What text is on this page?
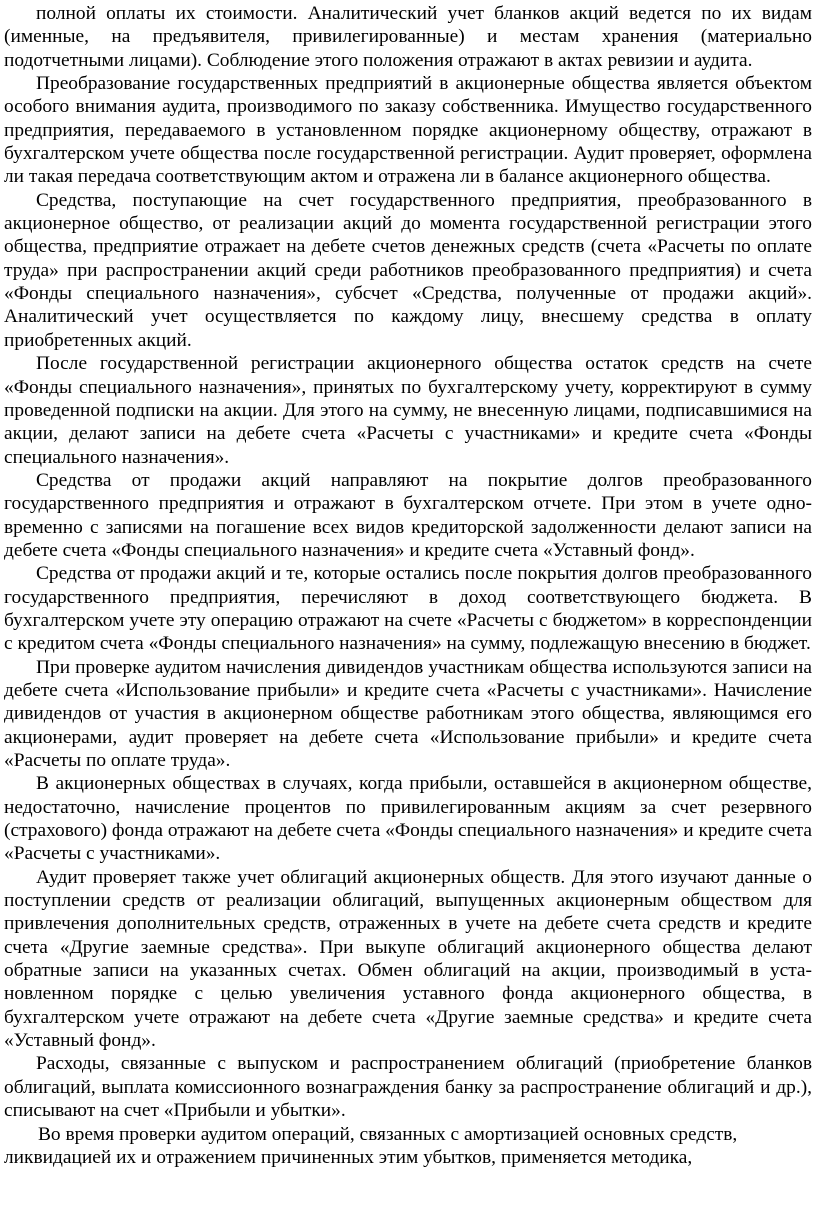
полной оплаты их стоимости. Аналитический учет бланков акций ведется по их видам (именные, на предъявителя, привилегированные) и местам хранения (материально подотчетными лицами). Соблюдение этого положения отражают в актах ревизии и аудита.

Преобразование государственных предприятий в акционерные общества является объектом особого внимания аудита, производимого по заказу собственника. Имущество государственного предприятия, передаваемого в установленном порядке акционерному обществу, отражают в бухгалтерском учете общества после государственной регистрации. Аудит проверяет, оформлена ли такая передача соответствующим актом и отражена ли в балансе акционерного общества.

Средства, поступающие на счет государственного предприятия, преобразованного в акционерное общество, от реализации акций до момента государственной регистрации этого общества, предприятие отражает на дебете счетов денежных средств (счета «Расчеты по оплате труда» при распространении акций среди работников преобразованного предприятия) и счета «Фонды специального назначения», субсчет «Средства, полученные от продажи акций». Аналитический учет осуществляется по каждому лицу, внесшему средства в оплату приобретенных акций.

После государственной регистрации акционерного общества остаток средств на счете «Фонды специального назначения», принятых по бухгалтерскому учету, корректируют в сумму проведенной подписки на акции. Для этого на сумму, не внесенную лицами, подписавшимися на акции, делают записи на дебете счета «Расчеты с участниками» и кредите счета «Фонды специального назначения».

Средства от продажи акций направляют на покрытие долгов преобразованного государственного предприятия и отражают в бухгалтерском отчете. При этом в учете одно-временно с записями на погашение всех видов кредиторской задолженности делают записи на дебете счета «Фонды специального назначения» и кредите счета «Уставный фонд».

Средства от продажи акций и те, которые остались после покрытия долгов преобразованного государственного предприятия, перечисляют в доход соответствующего бюджета. В бухгалтерском учете эту операцию отражают на счете «Расчеты с бюджетом» в корреспонденции с кредитом счета «Фонды специального назначения» на сумму, подлежащую внесению в бюджет.

При проверке аудитом начисления дивидендов участникам общества используются записи на дебете счета «Использование прибыли» и кредите счета «Расчеты с участниками». Начисление дивидендов от участия в акционерном обществе работникам этого общества, являющимся его акционерами, аудит проверяет на дебете счета «Использование прибыли» и кредите счета «Расчеты по оплате труда».

В акционерных обществах в случаях, когда прибыли, оставшейся в акционерном обществе, недостаточно, начисление процентов по привилегированным акциям за счет резервного (страхового) фонда отражают на дебете счета «Фонды специального назначения» и кредите счета «Расчеты с участниками».

Аудит проверяет также учет облигаций акционерных обществ. Для этого изучают данные о поступлении средств от реализации облигаций, выпущенных акционерным обществом для привлечения дополнительных средств, отраженных в учете на дебете счета средств и кредите счета «Другие заемные средства». При выкупе облигаций акционерного общества делают обратные записи на указанных счетах. Обмен облигаций на акции, производимый в уста-новленном порядке с целью увеличения уставного фонда акционерного общества, в бухгалтерском учете отражают на дебете счета «Другие заемные средства» и кредите счета «Уставный фонд».

Расходы, связанные с выпуском и распространением облигаций (приобретение бланков облигаций, выплата комиссионного вознаграждения банку за распространение облигаций и др.), списывают на счет «Прибыли и убытки».

Во время проверки аудитом операций, связанных с амортизацией основных средств, ликвидацией их и отражением причиненных этим убытков, применяется методика,
